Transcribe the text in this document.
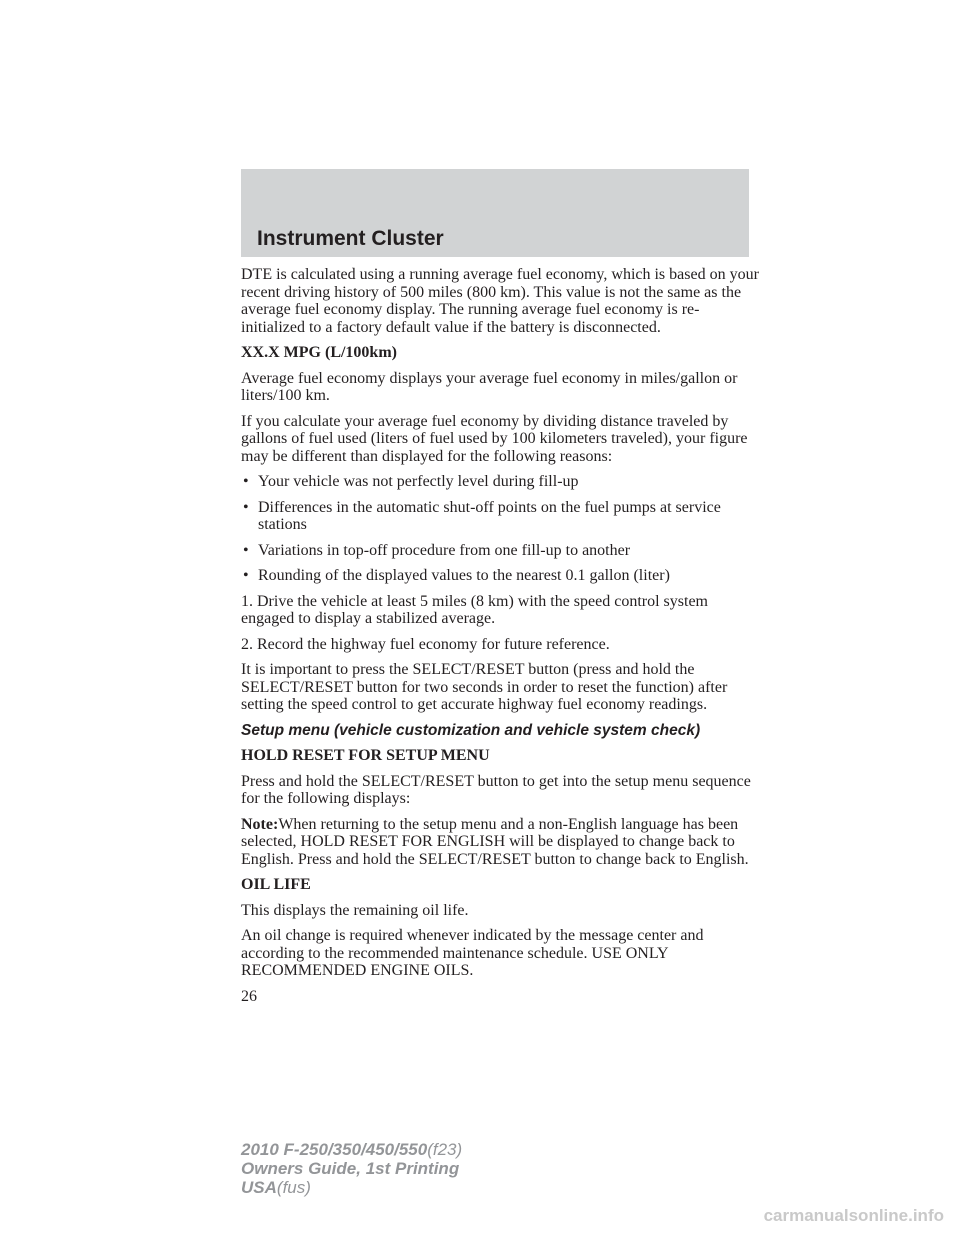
Instrument Cluster

DTE is calculated using a running average fuel economy, which is based on your recent driving history of 500 miles (800 km). This value is not the same as the average fuel economy display. The running average fuel economy is re-initialized to a factory default value if the battery is disconnected.

XX.X MPG (L/100km)

Average fuel economy displays your average fuel economy in miles/gallon or liters/100 km.

If you calculate your average fuel economy by dividing distance traveled by gallons of fuel used (liters of fuel used by 100 kilometers traveled), your figure may be different than displayed for the following reasons:

• Your vehicle was not perfectly level during fill-up
• Differences in the automatic shut-off points on the fuel pumps at service stations
• Variations in top-off procedure from one fill-up to another
• Rounding of the displayed values to the nearest 0.1 gallon (liter)

1. Drive the vehicle at least 5 miles (8 km) with the speed control system engaged to display a stabilized average.

2. Record the highway fuel economy for future reference.

It is important to press the SELECT/RESET button (press and hold the SELECT/RESET button for two seconds in order to reset the function) after setting the speed control to get accurate highway fuel economy readings.

Setup menu (vehicle customization and vehicle system check)

HOLD RESET FOR SETUP MENU

Press and hold the SELECT/RESET button to get into the setup menu sequence for the following displays:

Note:When returning to the setup menu and a non-English language has been selected, HOLD RESET FOR ENGLISH will be displayed to change back to English. Press and hold the SELECT/RESET button to change back to English.

OIL LIFE

This displays the remaining oil life.

An oil change is required whenever indicated by the message center and according to the recommended maintenance schedule. USE ONLY RECOMMENDED ENGINE OILS.

26

2010 F-250/350/450/550(f23)
Owners Guide, 1st Printing
USA(fus)
carmanualsonline.info
